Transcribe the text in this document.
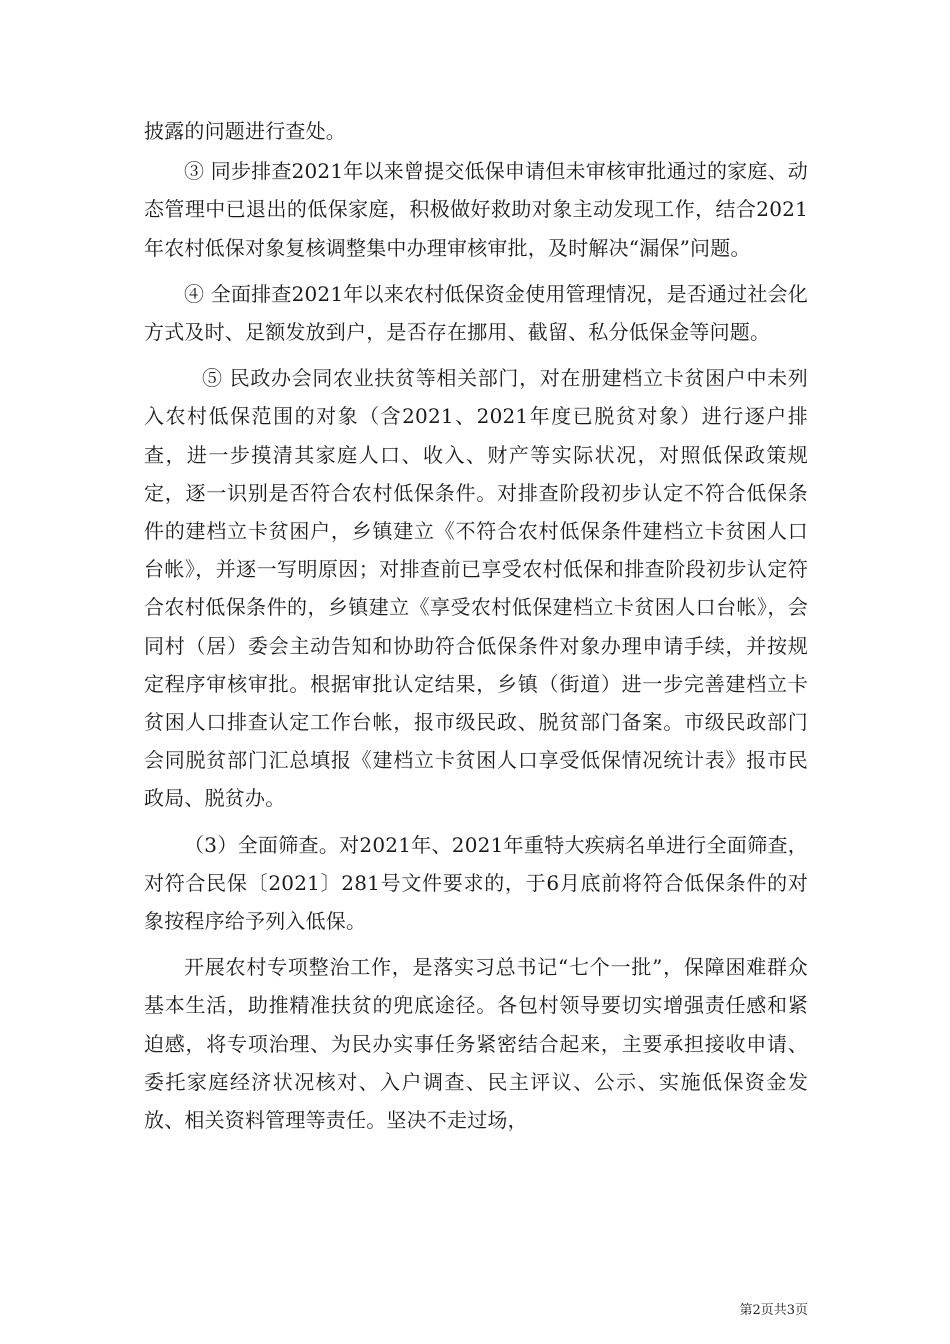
披露的问题进行查处。

③ 同步排查2021年以来曾提交低保申请但未审核审批通过的家庭、动态管理中已退出的低保家庭，积极做好救助对象主动发现工作，结合2021年农村低保对象复核调整集中办理审核审批，及时解决“漏保”问题。

④ 全面排查2021年以来农村低保资金使用管理情况，是否通过社会化方式及时、足额发放到户，是否存在挪用、截留、私分低保金等问题。

⑤ 民政办会同农业扶贫等相关部门，对在册建档立卡贫困户中未列入农村低保范围的对象（含2021、2021年度已脱贫对象）进行逐户排查，进一步摸清其家庭人口、收入、财产等实际状况，对照低保政策规定，逐一识别是否符合农村低保条件。对排查阶段初步认定不符合低保条件的建档立卡贫困户，乡镇建立《不符合农村低保条件建档立卡贫困人口台帐》，并逐一写明原因；对排查前已享受农村低保和排查阶段初步认定符合农村低保条件的，乡镇建立《享受农村低保建档立卡贫困人口台帐》，会同村（居）委会主动告知和协助符合低保条件对象办理申请手续，并按规定程序审核审批。根据审批认定结果，乡镇（街道）进一步完善建档立卡贫困人口排查认定工作台帐，报市级民政、脱贫部门备案。市级民政部门会同脱贫部门汇总填报《建档立卡贫困人口享受低保情况统计表》报市民政局、脱贫办。

（3）全面筛查。对2021年、2021年重特大疾病名单进行全面筛查，对符合民保〔2021〕281号文件要求的，于6月底前将符合低保条件的对象按程序给予列入低保。

开展农村专项整治工作，是落实习总书记“七个一批”，保障困难群众基本生活，助推精准扶贫的兜底途径。各包村领导要切实增强责任感和紧迫感，将专项治理、为民办实事任务紧密结合起来，主要承担接收申请、委托家庭经济状况核对、入户调查、民主评议、公示、实施低保资金发放、相关资料管理等责任。坚决不走过场，

第2页共3页
